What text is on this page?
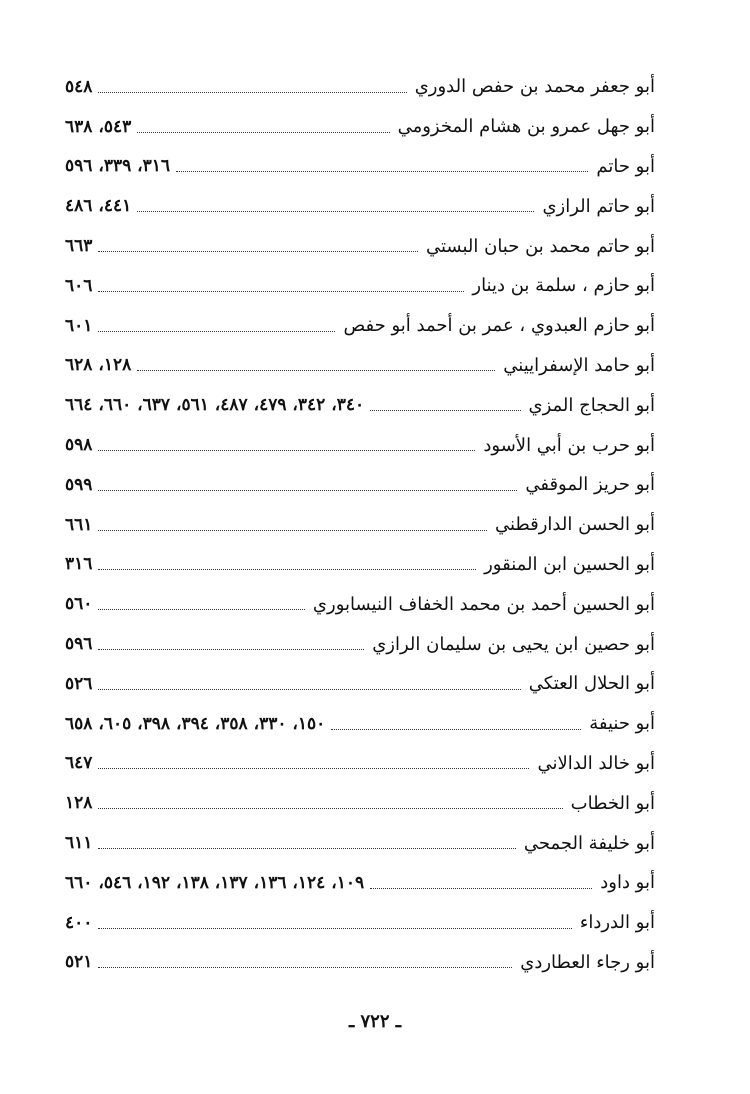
أبو جعفر محمد بن حفص الدوري
٥٤٨
أبو جهل عمرو بن هشام المخزومي
٥٤٣، ٦٣٨
أبو حاتم
٣١٦، ٣٣٩، ٥٩٦
أبو حاتم الرازي
٤٤١، ٤٨٦
أبو حاتم محمد بن حبان البستي
٦٦٣
أبو حازم ، سلمة بن دينار
٦٠٦
أبو حازم العبدوي ، عمر بن أحمد أبو حفص
٦٠١
أبو حامد الإسفراييني
١٢٨، ٦٢٨
أبو الحجاج المزي
٣٤٠، ٣٤٢، ٤٧٩، ٤٨٧، ٥٦١، ٦٣٧، ٦٦٠، ٦٦٤
أبو حرب بن أبي الأسود
٥٩٨
أبو حريز الموقفي
٥٩٩
أبو الحسن الدارقطني
٦٦١
أبو الحسين ابن المنقور
٣١٦
أبو الحسين أحمد بن محمد الخفاف النيسابوري
٥٦٠
أبو حصين ابن يحيى بن سليمان الرازي
٥٩٦
أبو الحلال العتكي
٥٢٦
أبو حنيفة
١٥٠، ٣٣٠، ٣٥٨، ٣٩٤، ٣٩٨، ٦٠٥، ٦٥٨
أبو خالد الدالاني
٦٤٧
أبو الخطاب
١٢٨
أبو خليفة الجمحي
٦١١
أبو داود
١٠٩، ١٢٤، ١٣٦، ١٣٧، ١٣٨، ١٩٢، ٥٤٦، ٦٦٠
أبو الدرداء
٤٠٠
أبو رجاء العطاردي
٥٢١
ـ ٧٢٢ ـ
